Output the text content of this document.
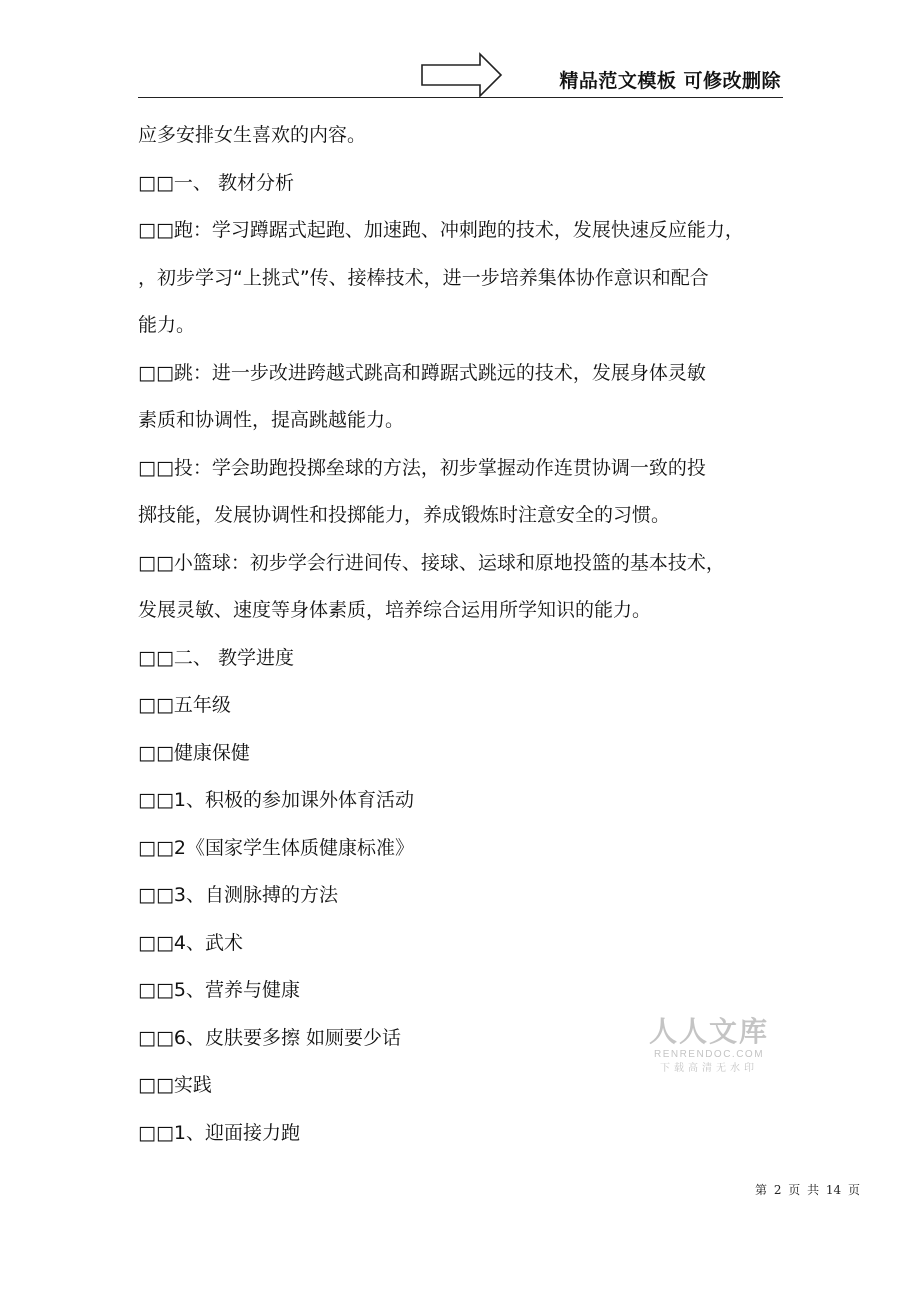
精品范文模板 可修改删除
应多安排女生喜欢的内容。
□□一、 教材分析
□□跑：学习蹲踞式起跑、加速跑、冲刺跑的技术，发展快速反应能力，
，初步学习“上挑式”传、接棒技术，进一步培养集体协作意识和配合
能力。
□□跳：进一步改进跨越式跳高和蹲踞式跳远的技术，发展身体灵敏
素质和协调性，提高跳越能力。
□□投：学会助跑投掷垒球的方法，初步掌握动作连贯协调一致的投
掷技能，发展协调性和投掷能力，养成锻炼时注意安全的习惯。
□□小篮球：初步学会行进间传、接球、运球和原地投篮的基本技术，
发展灵敏、速度等身体素质，培养综合运用所学知识的能力。
□□二、 教学进度
□□五年级
□□健康保健
□□1、积极的参加课外体育活动
□□2《国家学生体质健康标准》
□□3、自测脉搏的方法
□□4、武术
□□5、营养与健康
□□6、皮肤要多擦 如厕要少话
□□实践
□□1、迎面接力跑
人人文库
RENRENDOC.COM
下载高清无水印
第 2 页 共 14 页
